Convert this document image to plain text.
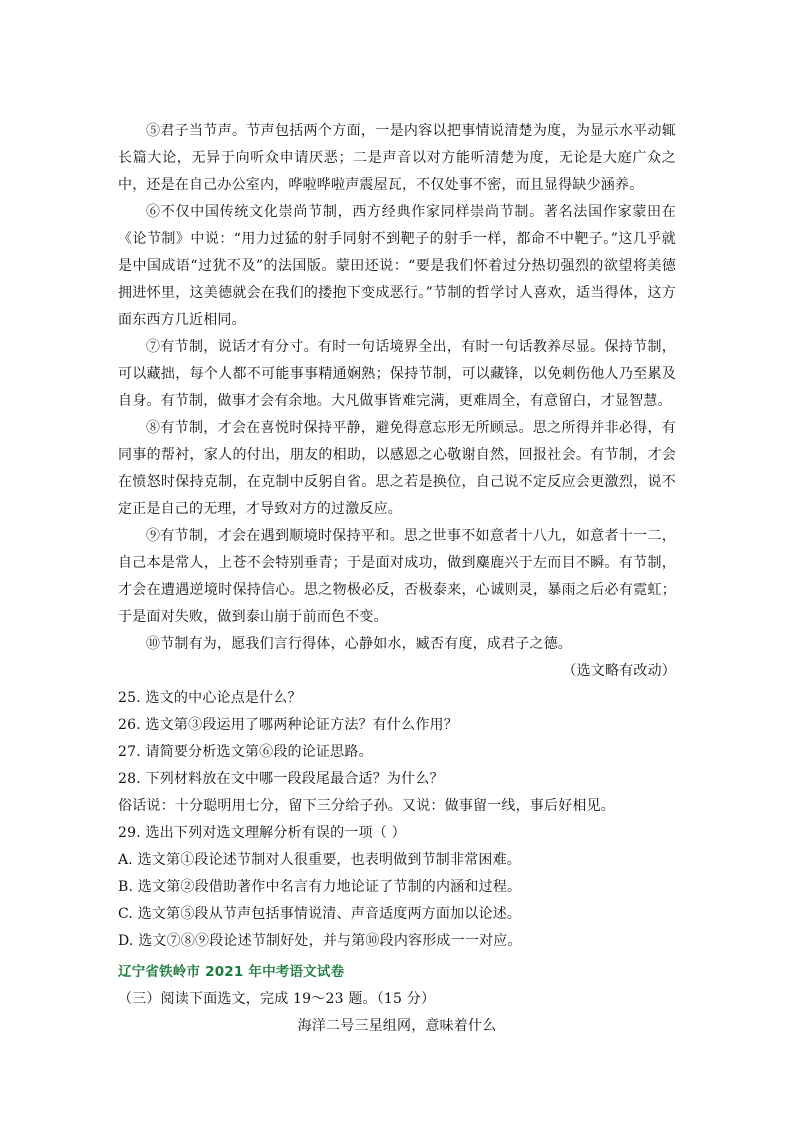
⑤君子当节声。节声包括两个方面，一是内容以把事情说清楚为度，为显示水平动辄长篇大论，无异于向听众申请厌恶；二是声音以对方能听清楚为度，无论是大庭广众之中，还是在自己办公室内，哗啦哗啦声震屋瓦，不仅处事不密，而且显得缺少涵养。

⑥不仅中国传统文化崇尚节制，西方经典作家同样崇尚节制。著名法国作家蒙田在《论节制》中说：“用力过猛的射手同射不到靶子的射手一样，都命不中靶子。”这几乎就是中国成语“过犹不及”的法国版。蒙田还说：“要是我们怀着过分热切强烈的欲望将美德拥进怀里，这美德就会在我们的搂抱下变成恶行。”节制的哲学讨人喜欢，适当得体，这方面东西方几近相同。

⑦有节制，说话才有分寸。有时一句话境界全出，有时一句话教养尽显。保持节制，可以藏拙，每个人都不可能事事精通娴熟；保持节制，可以藏锋，以免刺伤他人乃至累及自身。有节制，做事才会有余地。大凡做事皆难完满，更难周全，有意留白，才显智慧。

⑧有节制，才会在喜悦时保持平静，避免得意忘形无所顾忌。思之所得并非必得，有同事的帮衬，家人的付出，朋友的相助，以感恩之心敬谢自然，回报社会。有节制，才会在愤怒时保持克制，在克制中反躬自省。思之若是换位，自己说不定反应会更激烈，说不定正是自己的无理，才导致对方的过激反应。

⑨有节制，才会在遇到顺境时保持平和。思之世事不如意者十八九，如意者十一二，自己本是常人，上苍不会特别垂青；于是面对成功，做到麋鹿兴于左而目不瞬。有节制，才会在遭遇逆境时保持信心。思之物极必反，否极泰来，心诚则灵，暴雨之后必有霓虹；于是面对失败，做到泰山崩于前而色不变。

⑩节制有为，愿我们言行得体，心静如水，臧否有度，成君子之德。

（选文略有改动）

25. 选文的中心论点是什么？

26. 选文第③段运用了哪两种论证方法？有什么作用？

27. 请简要分析选文第⑥段的论证思路。

28. 下列材料放在文中哪一段段尾最合适？为什么？

俗话说：十分聪明用七分，留下三分给子孙。又说：做事留一线，事后好相见。

29. 选出下列对选文理解分析有误的一项（ ）

A. 选文第①段论述节制对人很重要，也表明做到节制非常困难。

B. 选文第②段借助著作中名言有力地论证了节制的内涵和过程。

C. 选文第⑤段从节声包括事情说清、声音适度两方面加以论述。

D. 选文⑦⑧⑨段论述节制好处，并与第⑩段内容形成一一对应。

辽宁省铁岭市 2021 年中考语文试卷

（三）阅读下面选文，完成 19～23 题。（15 分）

海洋二号三星组网，意味着什么
